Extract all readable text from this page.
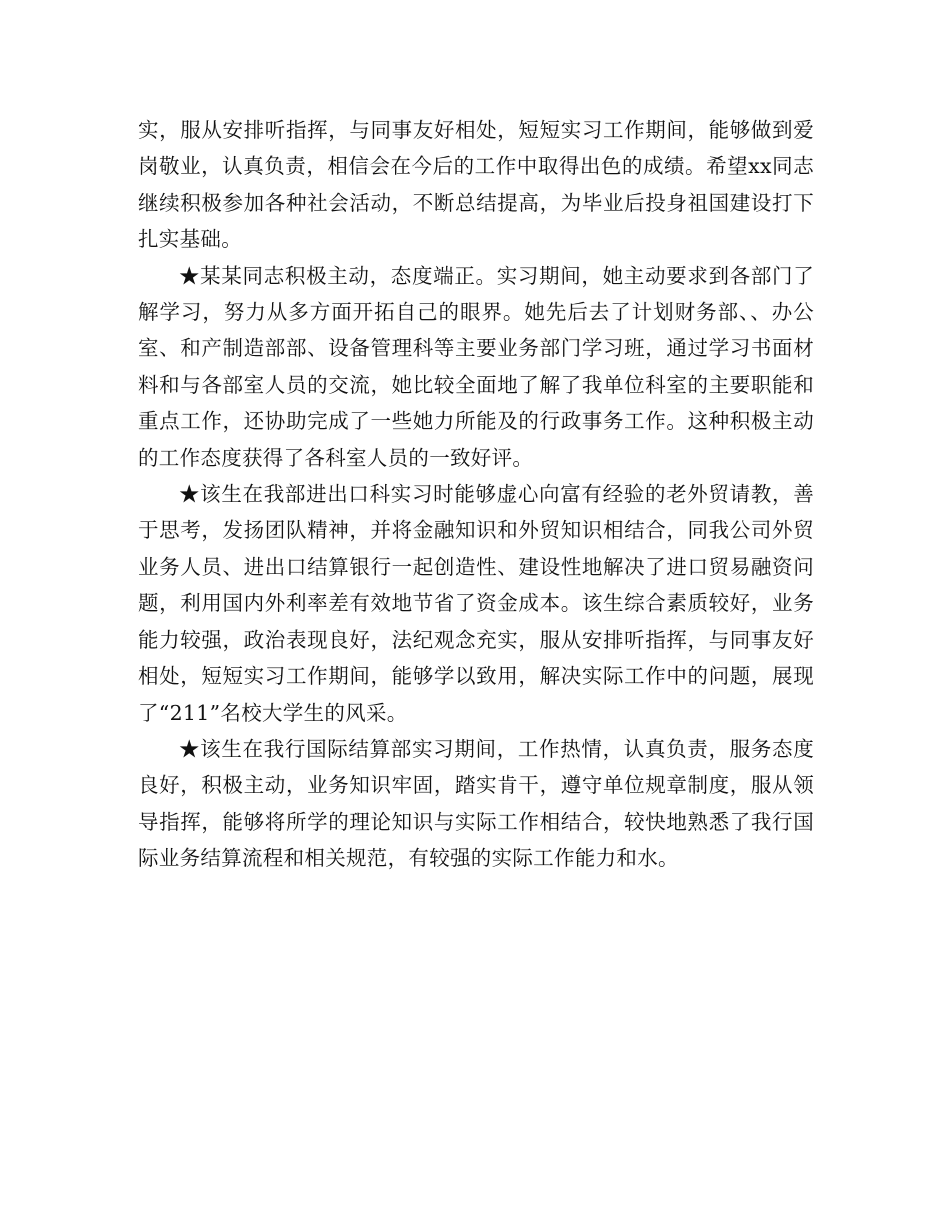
实，服从安排听指挥，与同事友好相处，短短实习工作期间，能够做到爱岗敬业，认真负责，相信会在今后的工作中取得出色的成绩。希望xx同志继续积极参加各种社会活动，不断总结提高，为毕业后投身祖国建设打下扎实基础。

★某某同志积极主动，态度端正。实习期间，她主动要求到各部门了解学习，努力从多方面开拓自己的眼界。她先后去了计划财务部、、办公室、和产制造部部、设备管理科等主要业务部门学习班，通过学习书面材料和与各部室人员的交流，她比较全面地了解了我单位科室的主要职能和重点工作，还协助完成了一些她力所能及的行政事务工作。这种积极主动的工作态度获得了各科室人员的一致好评。

★该生在我部进出口科实习时能够虚心向富有经验的老外贸请教，善于思考，发扬团队精神，并将金融知识和外贸知识相结合，同我公司外贸业务人员、进出口结算银行一起创造性、建设性地解决了进口贸易融资问题，利用国内外利率差有效地节省了资金成本。该生综合素质较好，业务能力较强，政治表现良好，法纪观念充实，服从安排听指挥，与同事友好相处，短短实习工作期间，能够学以致用，解决实际工作中的问题，展现了“211”名校大学生的风采。

★该生在我行国际结算部实习期间，工作热情，认真负责，服务态度良好，积极主动，业务知识牢固，踏实肯干，遵守单位规章制度，服从领导指挥，能够将所学的理论知识与实际工作相结合，较快地熟悉了我行国际业务结算流程和相关规范，有较强的实际工作能力和水。
